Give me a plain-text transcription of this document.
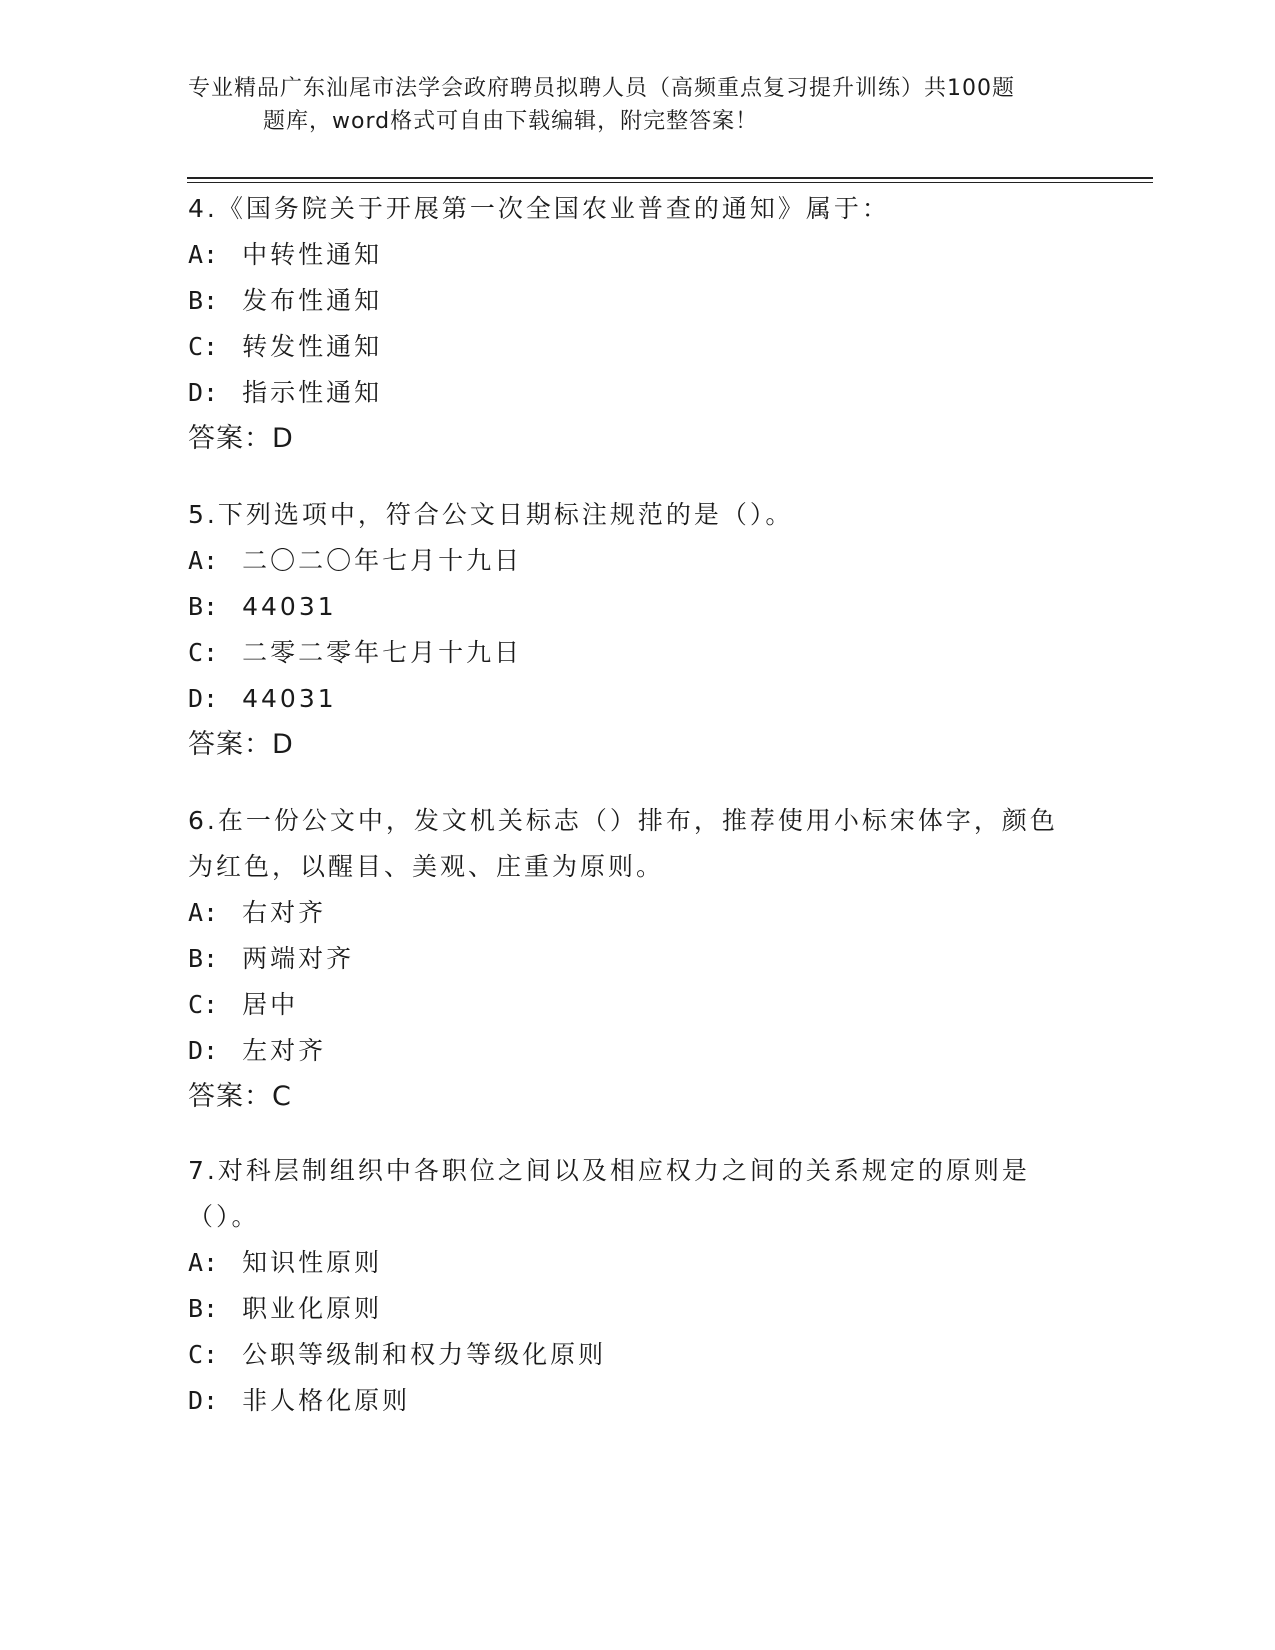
专业精品广东汕尾市法学会政府聘员拟聘人员（高频重点复习提升训练）共100题
题库，word格式可自由下载编辑，附完整答案！

4.《国务院关于开展第一次全国农业普查的通知》属于：

A: 中转性通知

B: 发布性通知

C: 转发性通知

D: 指示性通知

答案：D

5.下列选项中，符合公文日期标注规范的是（）。

A: 二〇二〇年七月十九日

B: 44031

C: 二零二零年七月十九日

D: 44031

答案：D

6.在一份公文中，发文机关标志（）排布，推荐使用小标宋体字，颜色为红色，以醒目、美观、庄重为原则。

A: 右对齐

B: 两端对齐

C: 居中

D: 左对齐

答案：C

7.对科层制组织中各职位之间以及相应权力之间的关系规定的原则是（）。

A: 知识性原则

B: 职业化原则

C: 公职等级制和权力等级化原则

D: 非人格化原则
